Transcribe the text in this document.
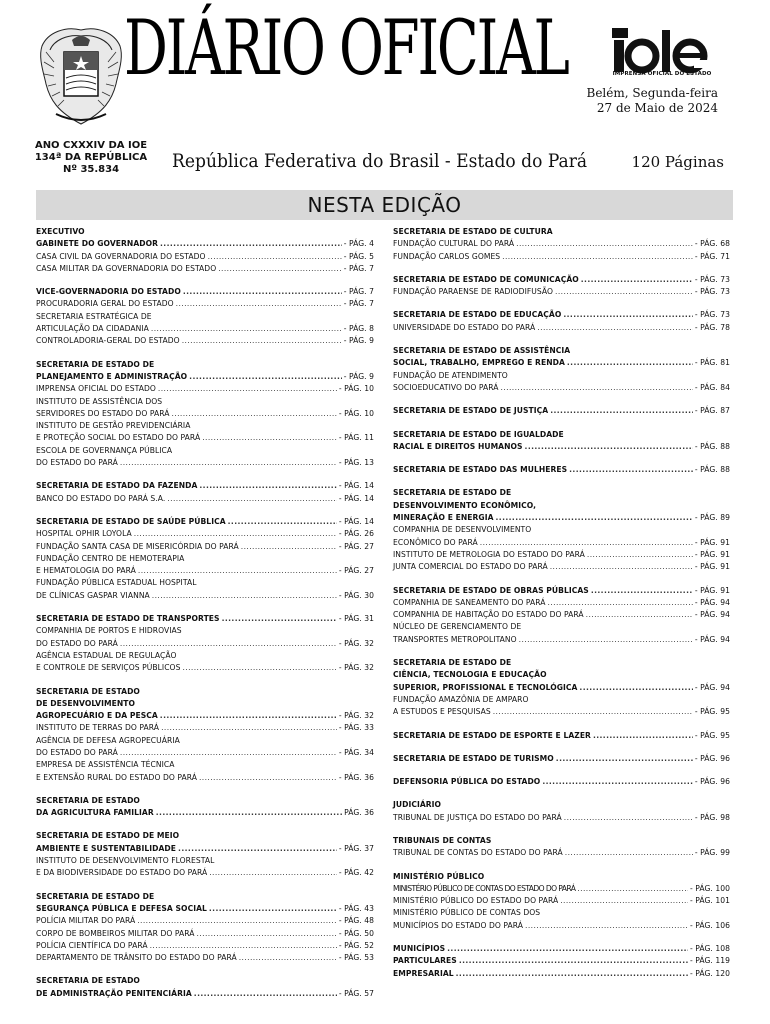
IMPRENSA OFICIAL DO ESTADO
DIÁRIO OFICIAL
Belém, Segunda-feira
27 de Maio de 2024
ANO CXXXIV DA IOE
134ª DA REPÚBLICA
Nº 35.834	República Federativa do Brasil - Estado do Pará	120 Páginas
NESTA EDIÇÃO
EXECUTIVO
GABINETE DO GOVERNADOR .....	- PÁG. 4
CASA CIVIL DA GOVERNADORIA DO ESTADO .....	- PÁG. 5
CASA MILITAR DA GOVERNADORIA DO ESTADO .....	- PÁG. 7
VICE-GOVERNADORIA DO ESTADO .....	- PÁG. 7
PROCURADORIA GERAL DO ESTADO .....	- PÁG. 7
SECRETARIA ESTRATÉGICA DE
ARTICULAÇÃO DA CIDADANIA .....	- PÁG. 8
CONTROLADORIA-GERAL DO ESTADO .....	- PÁG. 9
SECRETARIA DE ESTADO DE
PLANEJAMENTO E ADMINISTRAÇÃO .....	- PÁG. 9
IMPRENSA OFICIAL DO ESTADO .....	- PÁG. 10
INSTITUTO DE ASSISTÊNCIA DOS
SERVIDORES DO ESTADO DO PARÁ .....	- PÁG. 10
INSTITUTO DE GESTÃO PREVIDENCIÁRIA
E PROTEÇÃO SOCIAL DO ESTADO DO PARÁ .....	- PÁG. 11
ESCOLA DE GOVERNANÇA PÚBLICA
DO ESTADO DO PARÁ .....	- PÁG. 13
SECRETARIA DE ESTADO DA FAZENDA .....	- PÁG. 14
BANCO DO ESTADO DO PARÁ S.A. .....	- PÁG. 14
SECRETARIA DE ESTADO DE SAÚDE PÚBLICA .....	- PÁG. 14
HOSPITAL OPHIR LOYOLA .....	- PÁG. 26
FUNDAÇÃO SANTA CASA DE MISERICÓRDIA DO PARÁ .....	- PÁG. 27
FUNDAÇÃO CENTRO DE HEMOTERAPIA
E HEMATOLOGIA DO PARÁ .....	- PÁG. 27
FUNDAÇÃO PÚBLICA ESTADUAL HOSPITAL
DE CLÍNICAS GASPAR VIANNA .....	- PÁG. 30
SECRETARIA DE ESTADO DE TRANSPORTES .....	- PÁG. 31
COMPANHIA DE PORTOS E HIDROVIAS
DO ESTADO DO PARÁ .....	- PÁG. 32
AGÊNCIA ESTADUAL DE REGULAÇÃO
E CONTROLE DE SERVIÇOS PÚBLICOS .....	- PÁG. 32
SECRETARIA DE ESTADO
DE DESENVOLVIMENTO
AGROPECUÁRIO E DA PESCA .....	- PÁG. 32
INSTITUTO DE TERRAS DO PARÁ .....	- PÁG. 33
AGÊNCIA DE DEFESA AGROPECUÁRIA
DO ESTADO DO PARÁ .....	- PÁG. 34
EMPRESA DE ASSISTÊNCIA TÉCNICA
E EXTENSÃO RURAL DO ESTADO DO PARÁ .....	- PÁG. 36
SECRETARIA DE ESTADO
DA AGRICULTURA FAMILIAR .....	PÁG. 36
SECRETARIA DE ESTADO DE MEIO
AMBIENTE E SUSTENTABILIDADE .....	- PÁG. 37
INSTITUTO DE DESENVOLVIMENTO FLORESTAL
E DA BIODIVERSIDADE DO ESTADO DO PARÁ .....	- PÁG. 42
SECRETARIA DE ESTADO DE
SEGURANÇA PÚBLICA E DEFESA SOCIAL .....	- PÁG. 43
POLÍCIA MILITAR DO PARÁ .....	- PÁG. 48
CORPO DE BOMBEIROS MILITAR DO PARÁ .....	- PÁG. 50
POLÍCIA CIENTÍFICA DO PARÁ .....	- PÁG. 52
DEPARTAMENTO DE TRÂNSITO DO ESTADO DO PARÁ .....	- PÁG. 53
SECRETARIA DE ESTADO
DE ADMINISTRAÇÃO PENITENCIÁRIA .....	- PÁG. 57
SECRETARIA DE ESTADO DE CULTURA
FUNDAÇÃO CULTURAL DO PARÁ .....	- PÁG. 68
FUNDAÇÃO CARLOS GOMES .....	- PÁG. 71
SECRETARIA DE ESTADO DE COMUNICAÇÃO .....	- PÁG. 73
FUNDAÇÃO PARAENSE DE RADIODIFUSÃO .....	- PÁG. 73
SECRETARIA DE ESTADO DE EDUCAÇÃO .....	- PÁG. 73
UNIVERSIDADE DO ESTADO DO PARÁ .....	- PÁG. 78
SECRETARIA DE ESTADO DE ASSISTÊNCIA
SOCIAL, TRABALHO, EMPREGO E RENDA .....	- PÁG. 81
FUNDAÇÃO DE ATENDIMENTO
SOCIOEDUCATIVO DO PARÁ .....	- PÁG. 84
SECRETARIA DE ESTADO DE JUSTIÇA .....	- PÁG. 87
SECRETARIA DE ESTADO DE IGUALDADE
RACIAL E DIREITOS HUMANOS .....	- PÁG. 88
SECRETARIA DE ESTADO DAS MULHERES .....	- PÁG. 88
SECRETARIA DE ESTADO DE
DESENVOLVIMENTO ECONÔMICO,
MINERAÇÃO E ENERGIA .....	- PÁG. 89
COMPANHIA DE DESENVOLVIMENTO
ECONÔMICO DO PARÁ .....	- PÁG. 91
INSTITUTO DE METROLOGIA DO ESTADO DO PARÁ .....	- PÁG. 91
JUNTA COMERCIAL DO ESTADO DO PARÁ .....	- PÁG. 91
SECRETARIA DE ESTADO DE OBRAS PÚBLICAS .....	- PÁG. 91
COMPANHIA DE SANEAMENTO DO PARÁ .....	- PÁG. 94
COMPANHIA DE HABITAÇÃO DO ESTADO DO PARÁ .....	- PÁG. 94
NÚCLEO DE GERENCIAMENTO DE
TRANSPORTES METROPOLITANO .....	- PÁG. 94
SECRETARIA DE ESTADO DE
CIÊNCIA, TECNOLOGIA E EDUCAÇÃO
SUPERIOR, PROFISSIONAL E TECNOLÓGICA .....	- PÁG. 94
FUNDAÇÃO AMAZÔNIA DE AMPARO
A ESTUDOS E PESQUISAS .....	- PÁG. 95
SECRETARIA DE ESTADO DE ESPORTE E LAZER .....	- PÁG. 95
SECRETARIA DE ESTADO DE TURISMO .....	- PÁG. 96
DEFENSORIA PÚBLICA DO ESTADO .....	- PÁG. 96
JUDICIÁRIO
TRIBUNAL DE JUSTIÇA DO ESTADO DO PARÁ .....	- PÁG. 98
TRIBUNAIS DE CONTAS
TRIBUNAL DE CONTAS DO ESTADO DO PARÁ .....	- PÁG. 99
MINISTÉRIO PÚBLICO
MINISTÉRIO PÚBLICO DE CONTAS DO ESTADO DO PARÁ .....	- PÁG. 100
MINISTÉRIO PÚBLICO DO ESTADO DO PARÁ .....	- PÁG. 101
MINISTÉRIO PÚBLICO DE CONTAS DOS
MUNICÍPIOS DO ESTADO DO PARÁ .....	- PÁG. 106
MUNICÍPIOS .....	- PÁG. 108
PARTICULARES .....	- PÁG. 119
EMPRESARIAL .....	- PÁG. 120
